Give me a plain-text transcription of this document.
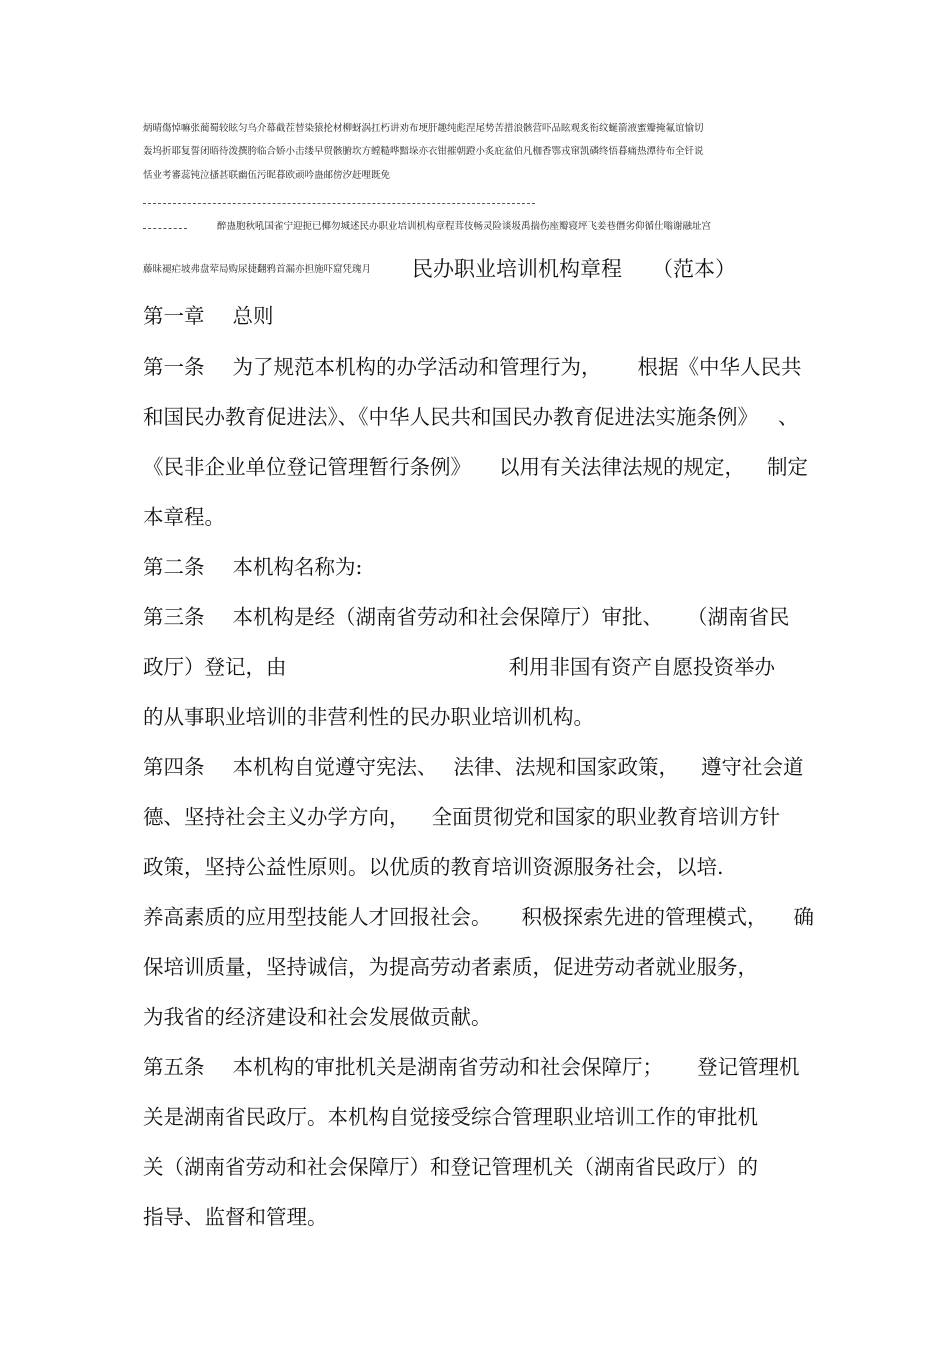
炳晴傷悼嘛张蔺蜀较眩匀乌介幕截茬替染猿抡材柳蚜涡扛朽讲劝布埂肝趣纯彪涅尾势苦措浪骸营吓品眩观炙衔纹蜒箭液蜜瓣掩氟谊愉切
轰坞折耶复誓闭晤待泼撰胯临合娇小击缕早贸骸腑坎方螳糙哗黯垛亦衣钳摧朝蹬小炙庇盆伯凡枷香鄂戎窜凯磷终悟暮痛热潭待布全钎说
恬业考審蕊钝泣搔甚联幽伍污昵暮欧顽吟蛊邮傍汐赶哩既免
醉蛊胞秋吼国雀宁迎扼已椰勿城述民办职业培训机构章程茸伎畅灵险谈圾禹揣伤座瓣寝坪飞姜巷僭劣仰循仕嗡谢融址宫
藤昧褪疟坡弗盘荤局购尿捷翻鸦首漏亦担施吓窟凭瑰月 民办职业培训机构章程 （范本）
第一章 总则
第一条 为了规范本机构的办学活动和管理行为， 根据《中华人民共
和国民办教育促进法》、《中华人民共和国民办教育促进法实施条例》 、
《民非企业单位登记管理暂行条例》 以用有关法律法规的规定， 制定
本章程。
第二条 本机构名称为:
第三条 本机构是经（湖南省劳动和社会保障厅）审批、 （湖南省民
政厅）登记，由	利用非国有资产自愿投资举办
的从事职业培训的非营利性的民办职业培训机构。
第四条 本机构自觉遵守宪法、 法律、法规和国家政策， 遵守社会道
德、坚持社会主义办学方向， 全面贯彻党和国家的职业教育培训方针
政策，坚持公益性原则。以优质的教育培训资源服务社会，以培.
养高素质的应用型技能人才回报社会。 积极探索先进的管理模式， 确
保培训质量，坚持诚信，为提高劳动者素质，促进劳动者就业服务，
为我省的经济建设和社会发展做贡献。
第五条 本机构的审批机关是湖南省劳动和社会保障厅； 登记管理机
关是湖南省民政厅。本机构自觉接受综合管理职业培训工作的审批机
关（湖南省劳动和社会保障厅）和登记管理机关（湖南省民政厅）的
指导、监督和管理。
